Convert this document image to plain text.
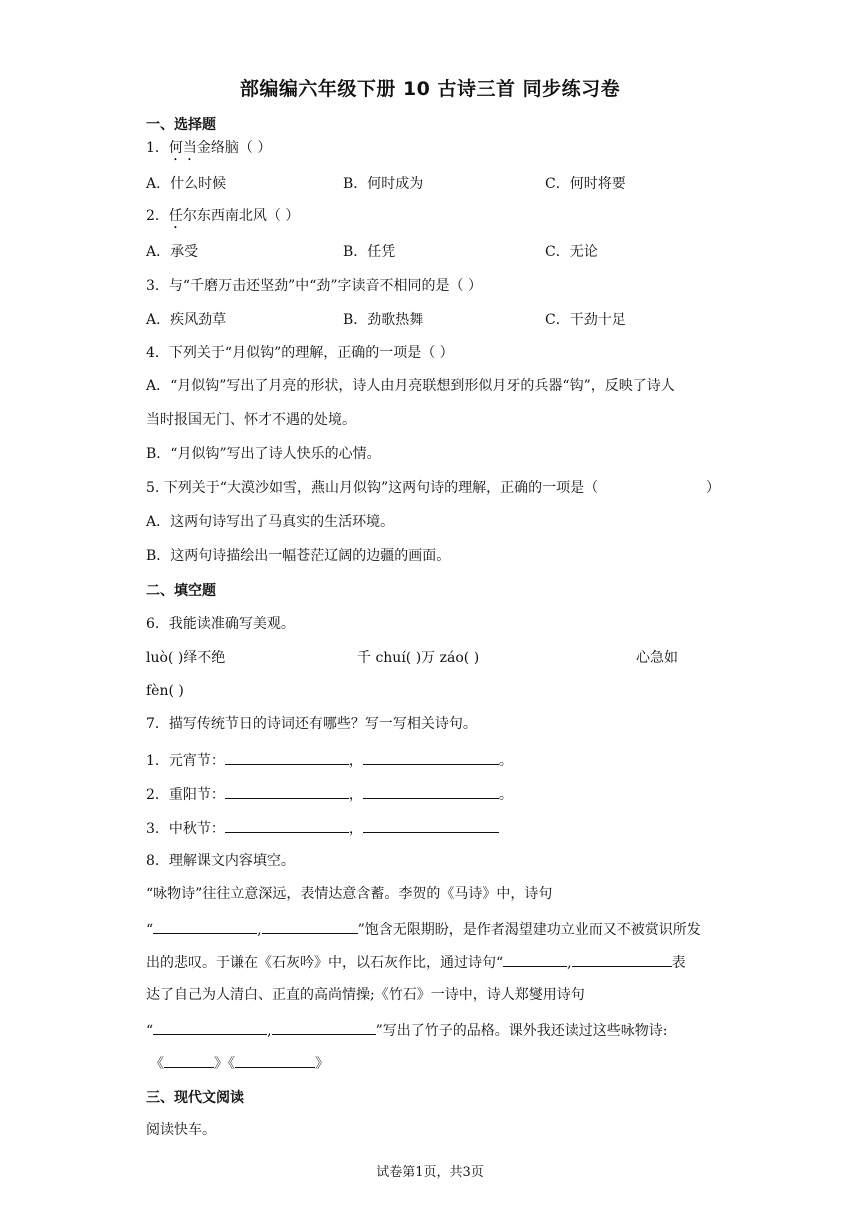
部编编六年级下册 10 古诗三首 同步练习卷
一、选择题
1．何当金络脑（ ）
A．什么时候	B．何时成为	C．何时将要
2．任尔东西南北风（ ）
A．承受	B．任凭	C．无论
3．与“千磨万击还坚劲”中“劲”字读音不相同的是（ ）
A．疾风劲草	B．劲歌热舞	C．干劲十足
4．下列关于“月似钩”的理解，正确的一项是（ ）
A．“月似钩”写出了月亮的形状，诗人由月亮联想到形似月牙的兵器“钩”，反映了诗人
当时报国无门、怀才不遇的处境。
B．“月似钩”写出了诗人快乐的心情。
5. 下列关于“大漠沙如雪，燕山月似钩”这两句诗的理解，正确的一项是（	）
A．这两句诗写出了马真实的生活环境。
B．这两句诗描绘出一幅苍茫辽阔的边疆的画面。
二、填空题
6．我能读准确写美观。
luò( )绎不绝	千 chuí( )万 záo( )	心急如
fèn( )
7．描写传统节日的诗词还有哪些？写一写相关诗句。
1．元宵节：	，	。
2．重阳节：	，	。
3．中秋节：	，
8．理解课文内容填空。
“咏物诗”往往立意深远，表情达意含蓄。李贺的《马诗》中，诗句
“	,	”饱含无限期盼，是作者渴望建功立业而又不被赏识所发
出的悲叹。于谦在《石灰吟》中，以石灰作比，通过诗句“	,	表
达了自己为人清白、正直的高尚情操;《竹石》一诗中，诗人郑燮用诗句
“	,	”写出了竹子的品格。课外我还读过这些咏物诗:
《	》《	》
三、现代文阅读
阅读快车。
试卷第1页，共3页
